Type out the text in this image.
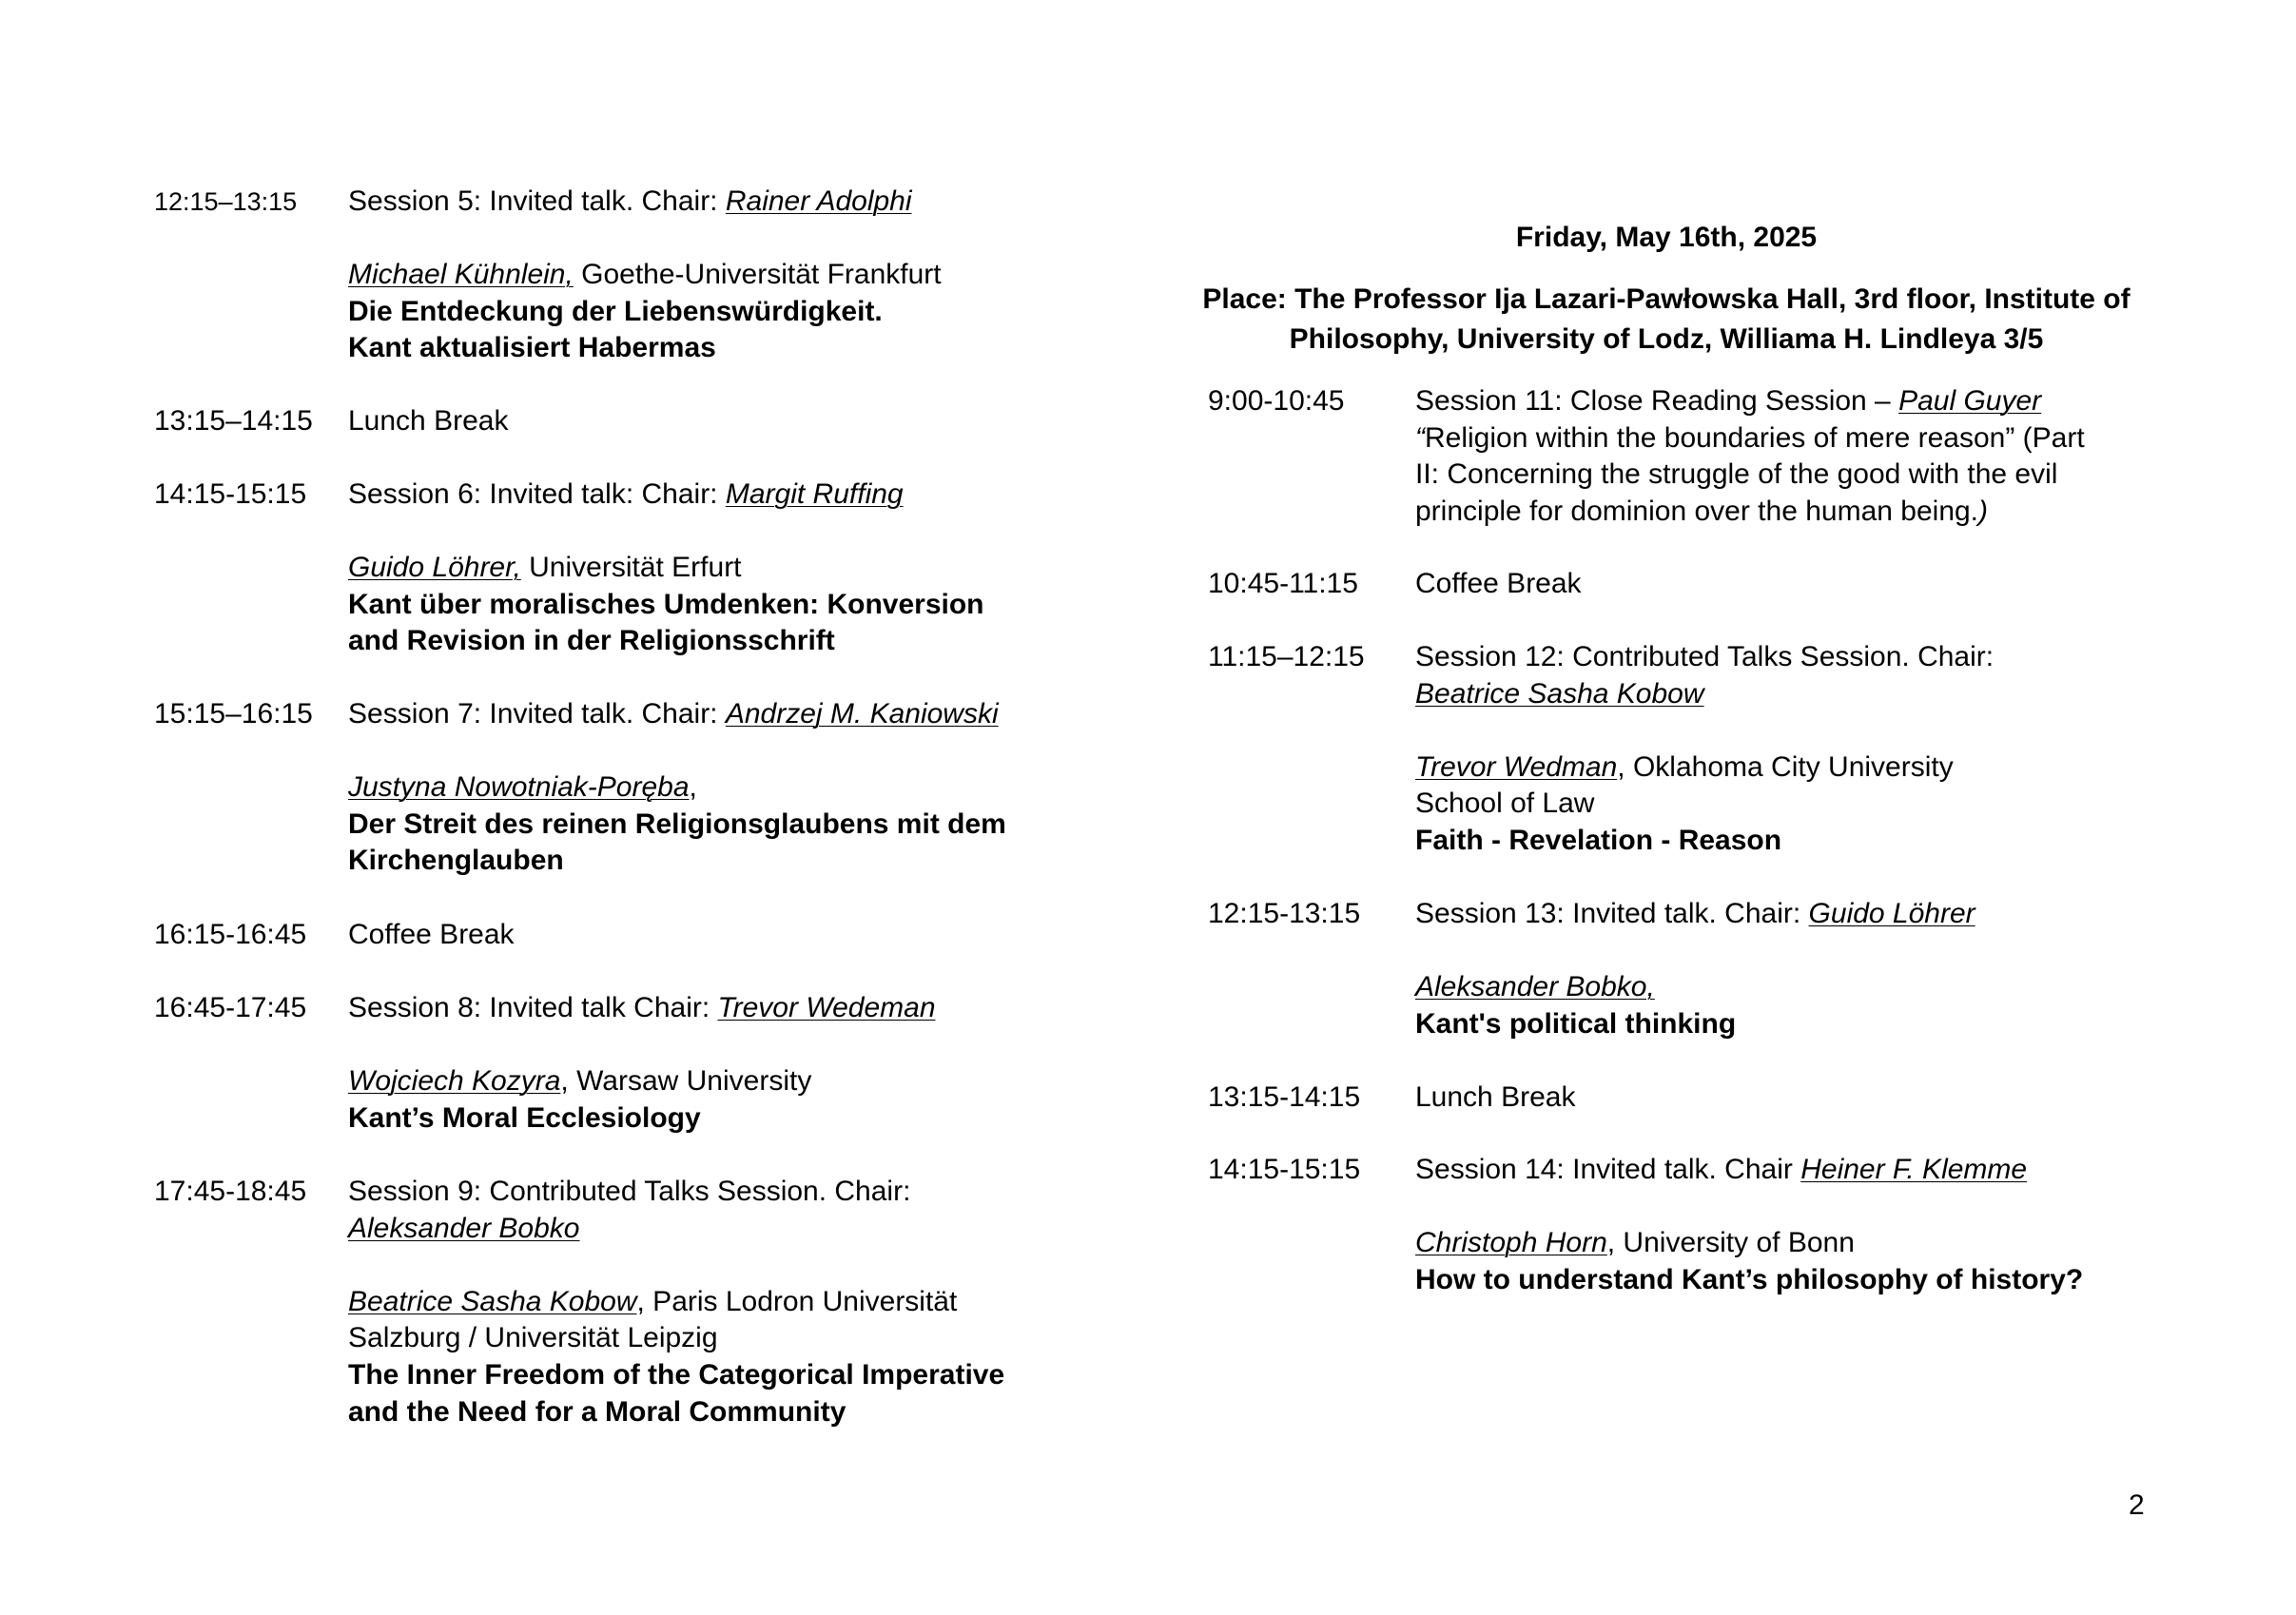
12:15–13:15 Session 5: Invited talk. Chair: Rainer Adolphi
Michael Kühnlein, Goethe-Universität Frankfurt
Die Entdeckung der Liebenswürdigkeit.
Kant aktualisiert Habermas
13:15–14:15 Lunch Break
14:15-15:15 Session 6: Invited talk: Chair: Margit Ruffing
Guido Löhrer, Universität Erfurt
Kant über moralisches Umdenken: Konversion
and Revision in der Religionsschrift
15:15–16:15 Session 7: Invited talk. Chair: Andrzej M. Kaniowski
Justyna Nowotniak-Poręba,
Der Streit des reinen Religionsglaubens mit dem
Kirchenglauben
16:15-16:45 Coffee Break
16:45-17:45 Session 8: Invited talk Chair: Trevor Wedeman
Wojciech Kozyra, Warsaw University
Kant’s Moral Ecclesiology
17:45-18:45 Session 9: Contributed Talks Session. Chair:
Aleksander Bobko
Beatrice Sasha Kobow, Paris Lodron Universität
Salzburg / Universität Leipzig
The Inner Freedom of the Categorical Imperative
and the Need for a Moral Community
Friday, May 16th, 2025
Place: The Professor Ija Lazari-Pawłowska Hall, 3rd floor, Institute of
Philosophy, University of Lodz, Williama H. Lindleya 3/5
9:00-10:45 Session 11: Close Reading Session – Paul Guyer
“Religion within the boundaries of mere reason” (Part
II: Concerning the struggle of the good with the evil
principle for dominion over the human being.)
10:45-11:15 Coffee Break
11:15–12:15 Session 12: Contributed Talks Session. Chair:
Beatrice Sasha Kobow
Trevor Wedman, Oklahoma City University
School of Law
Faith - Revelation - Reason
12:15-13:15 Session 13: Invited talk. Chair: Guido Löhrer
Aleksander Bobko,
Kant's political thinking
13:15-14:15 Lunch Break
14:15-15:15 Session 14: Invited talk. Chair Heiner F. Klemme
Christoph Horn, University of Bonn
How to understand Kant’s philosophy of history?
2
